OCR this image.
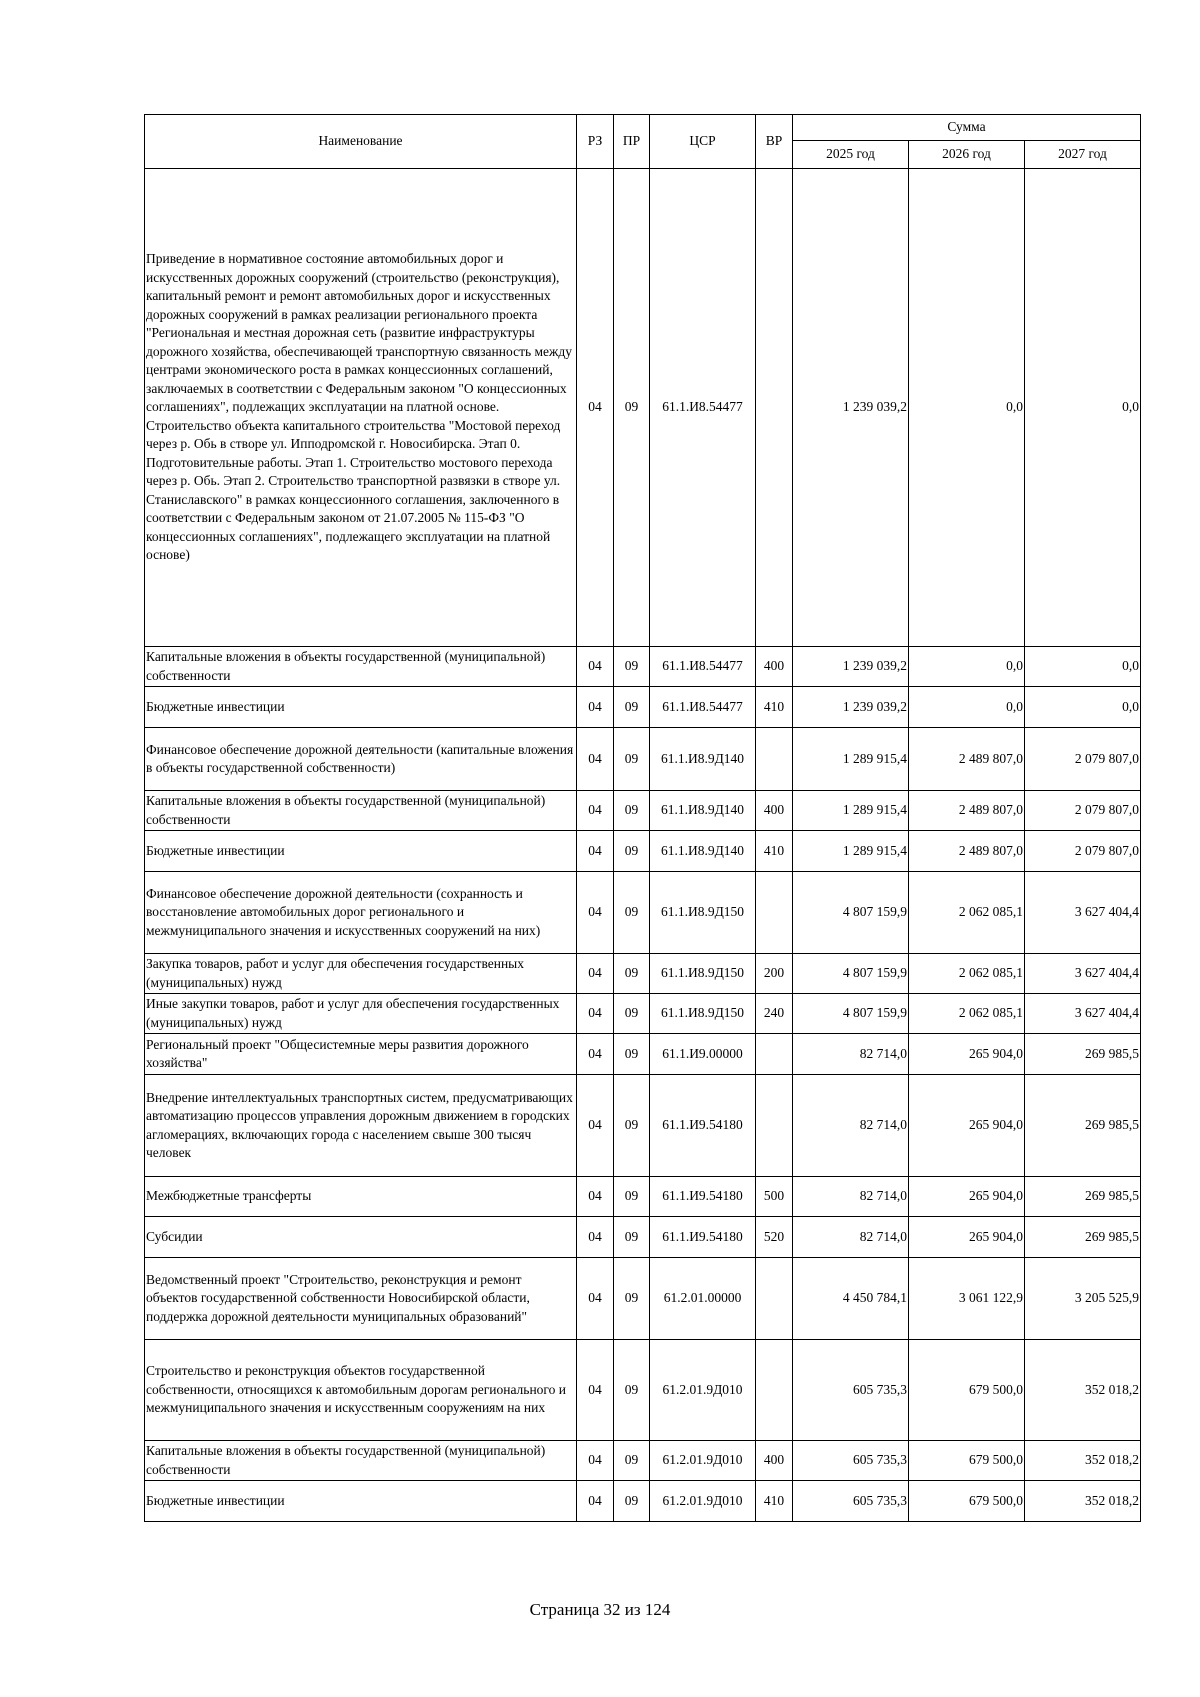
Наименование	РЗ	ПР	ЦСР	ВР	Сумма		
					2025 год	2026 год	2027 год
Приведение в нормативное состояние автомобильных дорог и искусственных дорожных сооружений (строительство (реконструкция), капитальный ремонт и ремонт автомобильных дорог и искусственных дорожных сооружений в рамках реализации регионального проекта "Региональная и местная дорожная сеть (развитие инфраструктуры дорожного хозяйства, обеспечивающей транспортную связанность между центрами экономического роста в рамках концессионных соглашений, заключаемых в соответствии с Федеральным законом "О концессионных соглашениях", подлежащих эксплуатации на платной основе. Строительство объекта капитального строительства "Мостовой переход через р. Обь в створе ул. Ипподромской г. Новосибирска. Этап 0. Подготовительные работы. Этап 1. Строительство мостового перехода через р. Обь. Этап 2. Строительство транспортной развязки в створе ул. Станиславского" в рамках концессионного соглашения, заключенного в соответствии с Федеральным законом от 21.07.2005 № 115-ФЗ "О концессионных соглашениях", подлежащего эксплуатации на платной основе)	04	09	61.1.И8.54477		1 239 039,2	0,0	0,0
Капитальные вложения в объекты государственной (муниципальной) собственности	04	09	61.1.И8.54477	400	1 239 039,2	0,0	0,0
Бюджетные инвестиции	04	09	61.1.И8.54477	410	1 239 039,2	0,0	0,0
Финансовое обеспечение дорожной деятельности (капитальные вложения в объекты государственной собственности)	04	09	61.1.И8.9Д140		1 289 915,4	2 489 807,0	2 079 807,0
Капитальные вложения в объекты государственной (муниципальной) собственности	04	09	61.1.И8.9Д140	400	1 289 915,4	2 489 807,0	2 079 807,0
Бюджетные инвестиции	04	09	61.1.И8.9Д140	410	1 289 915,4	2 489 807,0	2 079 807,0
Финансовое обеспечение дорожной деятельности (сохранность и восстановление автомобильных дорог регионального и межмуниципального значения и искусственных сооружений на них)	04	09	61.1.И8.9Д150		4 807 159,9	2 062 085,1	3 627 404,4
Закупка товаров, работ и услуг для обеспечения государственных (муниципальных) нужд	04	09	61.1.И8.9Д150	200	4 807 159,9	2 062 085,1	3 627 404,4
Иные закупки товаров, работ и услуг для обеспечения государственных (муниципальных) нужд	04	09	61.1.И8.9Д150	240	4 807 159,9	2 062 085,1	3 627 404,4
Региональный проект "Общесистемные меры развития дорожного хозяйства"	04	09	61.1.И9.00000		82 714,0	265 904,0	269 985,5
Внедрение интеллектуальных транспортных систем, предусматривающих автоматизацию процессов управления дорожным движением в городских агломерациях, включающих города с населением свыше 300 тысяч человек	04	09	61.1.И9.54180		82 714,0	265 904,0	269 985,5
Межбюджетные трансферты	04	09	61.1.И9.54180	500	82 714,0	265 904,0	269 985,5
Субсидии	04	09	61.1.И9.54180	520	82 714,0	265 904,0	269 985,5
Ведомственный проект "Строительство, реконструкция и ремонт объектов государственной собственности Новосибирской области, поддержка дорожной деятельности муниципальных образований"	04	09	61.2.01.00000		4 450 784,1	3 061 122,9	3 205 525,9
Строительство и реконструкция объектов государственной собственности, относящихся к автомобильным дорогам регионального и межмуниципального значения и искусственным сооружениям на них	04	09	61.2.01.9Д010		605 735,3	679 500,0	352 018,2
Капитальные вложения в объекты государственной (муниципальной) собственности	04	09	61.2.01.9Д010	400	605 735,3	679 500,0	352 018,2
Бюджетные инвестиции	04	09	61.2.01.9Д010	410	605 735,3	679 500,0	352 018,2
Страница 32 из 124
